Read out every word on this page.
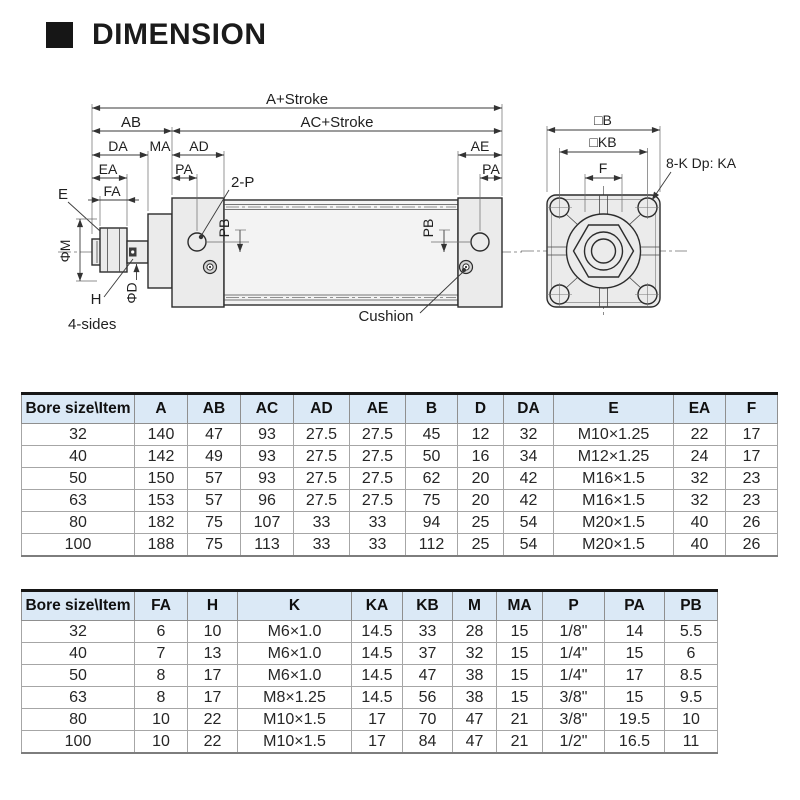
DIMENSION
A+Stroke
AB	AC+Stroke
DA MA AD	AE
EA	PA	PA
FA
E
ΦM
ΦD
H
4-sides
2-P
PB	PB
Cushion
□B
□KB
F	8-K Dp: KA
Bore size\Item	A	AB	AC	AD	AE	B	D	DA	E	EA	F
32	140	47	93	27.5	27.5	45	12	32	M10×1.25	22	17
40	142	49	93	27.5	27.5	50	16	34	M12×1.25	24	17
50	150	57	93	27.5	27.5	62	20	42	M16×1.5	32	23
63	153	57	96	27.5	27.5	75	20	42	M16×1.5	32	23
80	182	75	107	33	33	94	25	54	M20×1.5	40	26
100	188	75	113	33	33	112	25	54	M20×1.5	40	26
Bore size\Item	FA	H	K	KA	KB	M	MA	P	PA	PB
32	6	10	M6×1.0	14.5	33	28	15	1/8"	14	5.5
40	7	13	M6×1.0	14.5	37	32	15	1/4"	15	6
50	8	17	M6×1.0	14.5	47	38	15	1/4"	17	8.5
63	8	17	M8×1.25	14.5	56	38	15	3/8"	15	9.5
80	10	22	M10×1.5	17	70	47	21	3/8"	19.5	10
100	10	22	M10×1.5	17	84	47	21	1/2"	16.5	11
